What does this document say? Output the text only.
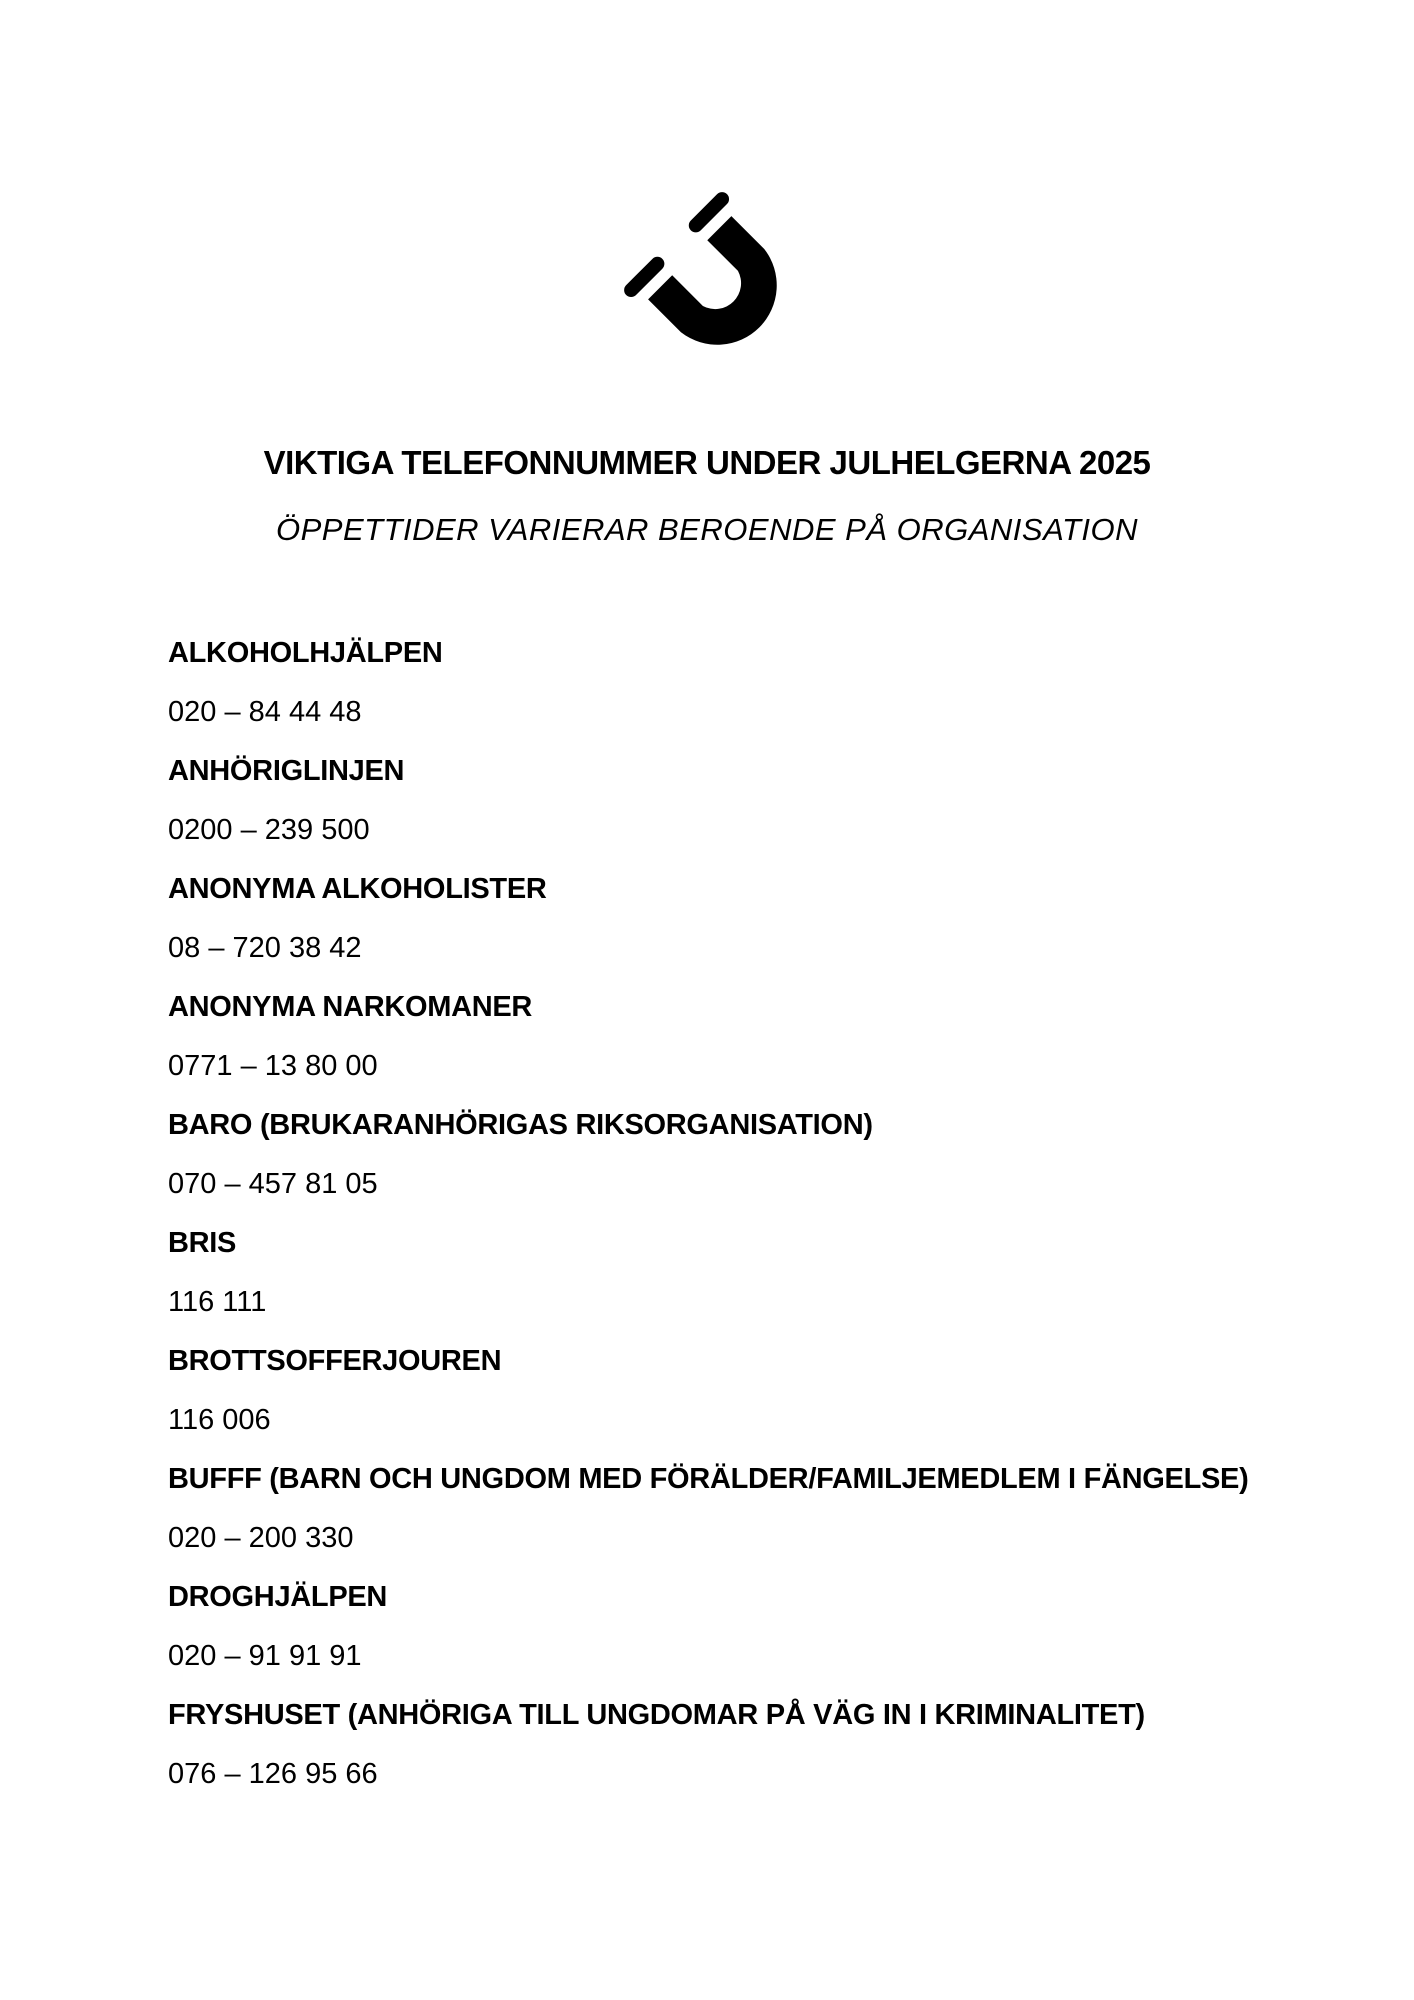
VIKTIGA TELEFONNUMMER UNDER JULHELGERNA 2025
ÖPPETTIDER VARIERAR BEROENDE PÅ ORGANISATION

ALKOHOLHJÄLPEN

020 – 84 44 48

ANHÖRIGLINJEN

0200 – 239 500

ANONYMA ALKOHOLISTER

08 – 720 38 42

ANONYMA NARKOMANER

0771 – 13 80 00

BARO (BRUKARANHÖRIGAS RIKSORGANISATION)

070 – 457 81 05

BRIS

116 111

BROTTSOFFERJOUREN

116 006

BUFFF (BARN OCH UNGDOM MED FÖRÄLDER/FAMILJEMEDLEM I FÄNGELSE)

020 – 200 330

DROGHJÄLPEN

020 – 91 91 91

FRYSHUSET (ANHÖRIGA TILL UNGDOMAR PÅ VÄG IN I KRIMINALITET)

076 – 126 95 66
